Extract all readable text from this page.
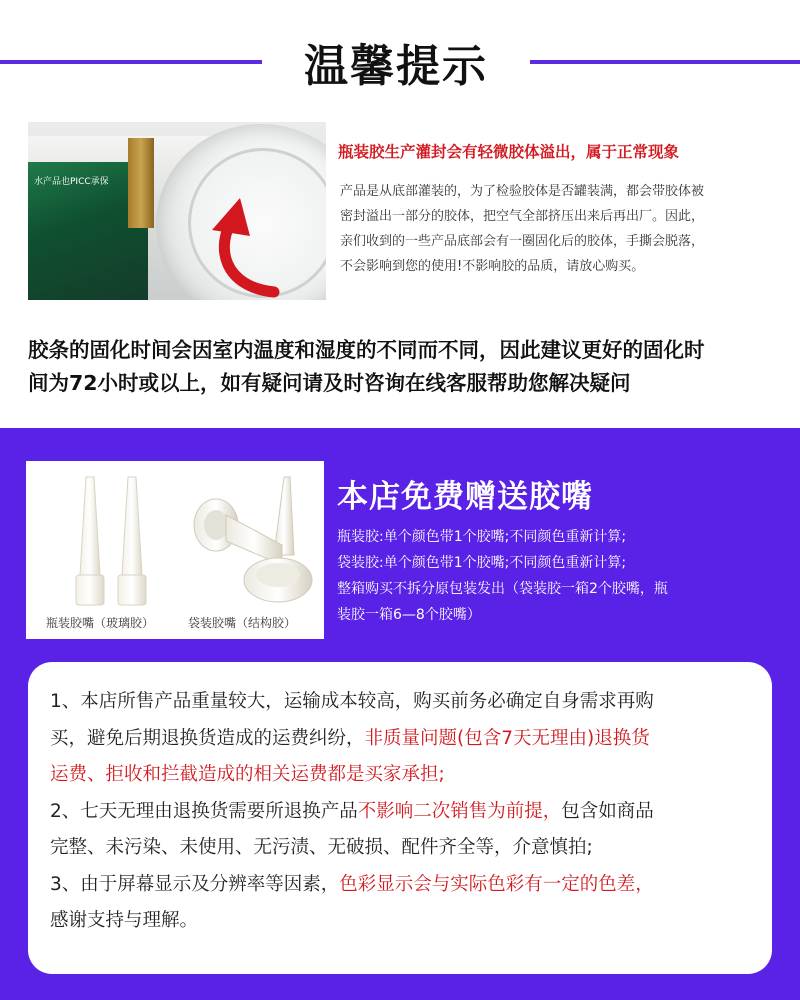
温馨提示
水产品也PICC承保
瓶装胶生产灌封会有轻微胶体溢出，属于正常现象
产品是从底部灌装的，为了检验胶体是否罐装满，都会带胶体被
密封溢出一部分的胶体，把空气全部挤压出来后再出厂。因此，
亲们收到的一些产品底部会有一圈固化后的胶体，手撕会脱落，
不会影响到您的使用!不影响胶的品质，请放心购买。
胶条的固化时间会因室内温度和湿度的不同而不同，因此建议更好的固化时
间为72小时或以上，如有疑问请及时咨询在线客服帮助您解决疑问
瓶装胶嘴（玻璃胶）	袋装胶嘴（结构胶）
本店免费赠送胶嘴
瓶装胶:单个颜色带1个胶嘴;不同颜色重新计算;
袋装胶:单个颜色带1个胶嘴;不同颜色重新计算;
整箱购买不拆分原包装发出（袋装胶一箱2个胶嘴，瓶
装胶一箱6—8个胶嘴）
1、本店所售产品重量较大，运输成本较高，购买前务必确定自身需求再购
买，避免后期退换货造成的运费纠纷，非质量问题(包含7天无理由)退换货
运费、拒收和拦截造成的相关运费都是买家承担;
2、七天无理由退换货需要所退换产品不影响二次销售为前提，包含如商品
完整、未污染、未使用、无污渍、无破损、配件齐全等，介意慎拍;
3、由于屏幕显示及分辨率等因素，色彩显示会与实际色彩有一定的色差，
感谢支持与理解。
